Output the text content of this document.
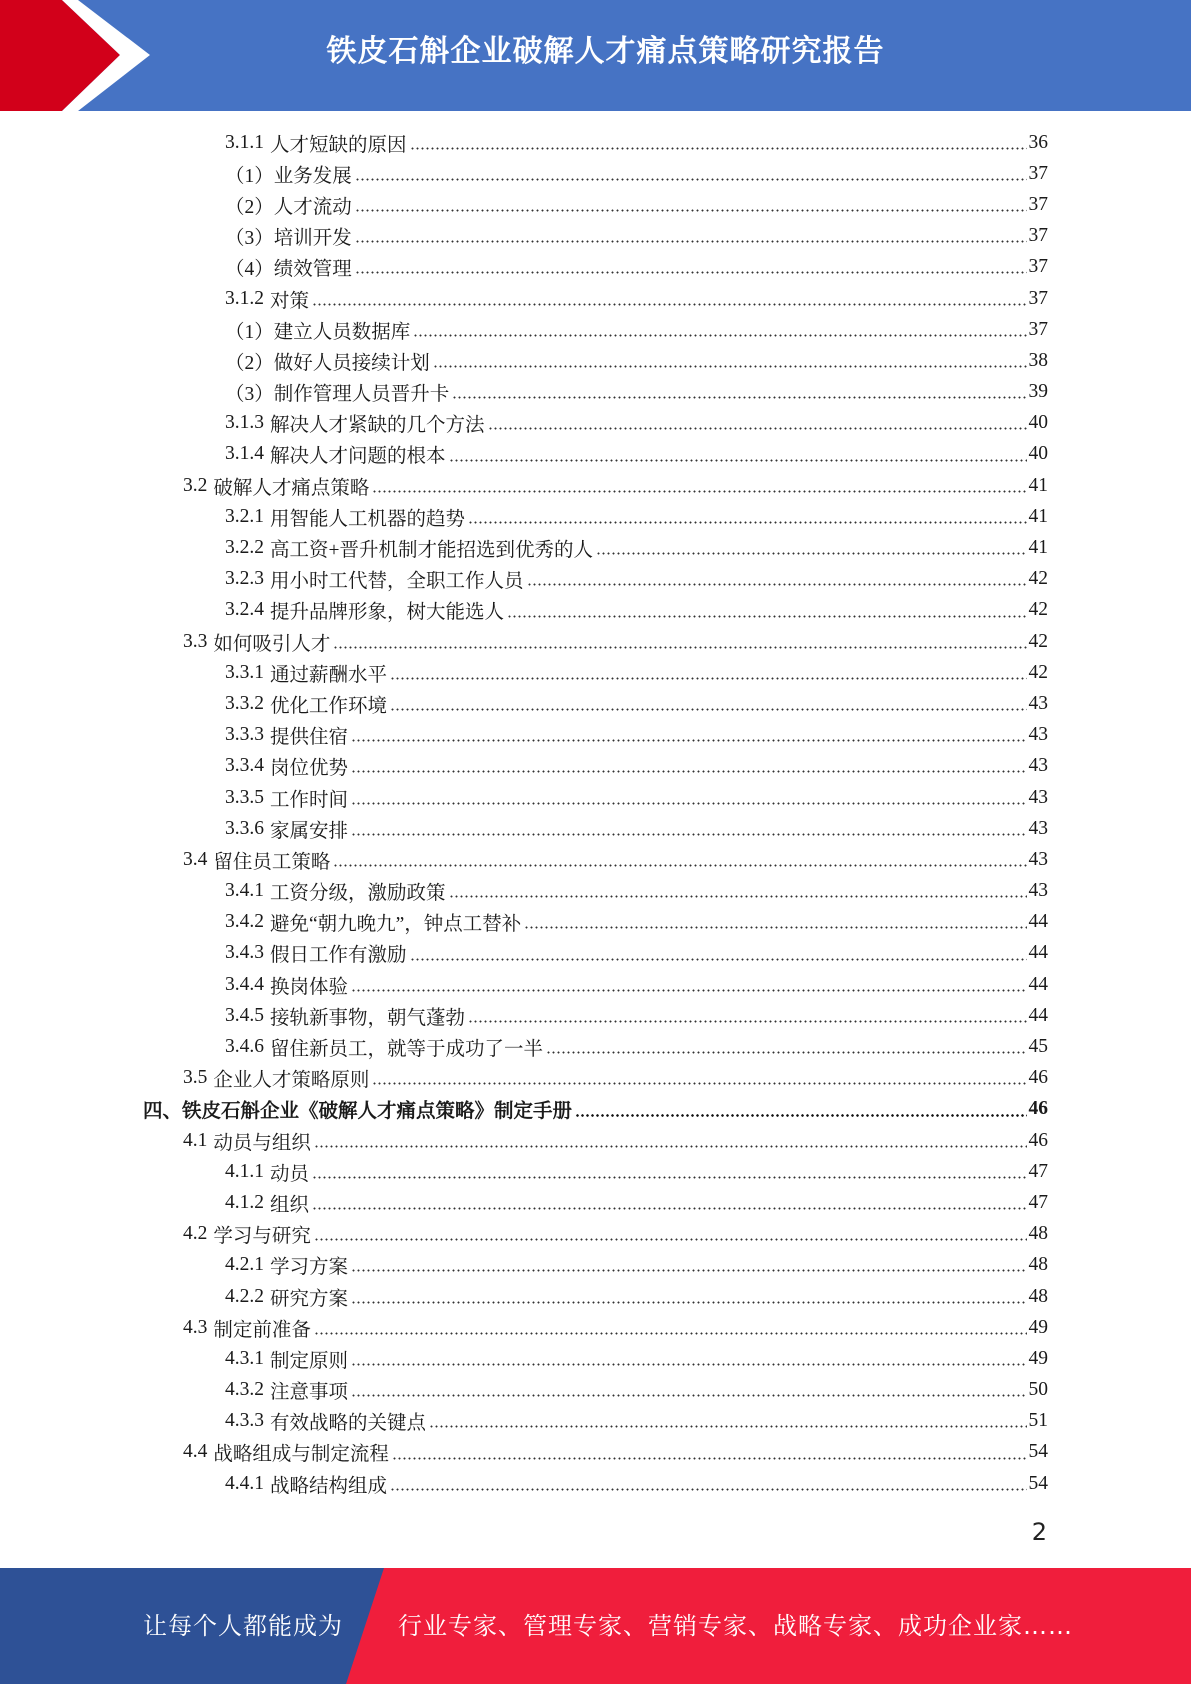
铁皮石斛企业破解人才痛点策略研究报告
3.1.1 人才短缺的原因	36
（1） 业务发展	37
（2） 人才流动	37
（3） 培训开发	37
（4） 绩效管理	37
3.1.2 对策	37
（1） 建立人员数据库	37
（2） 做好人员接续计划	38
（3） 制作管理人员晋升卡	39
3.1.3 解决人才紧缺的几个方法	40
3.1.4 解决人才问题的根本	40
3.2 破解人才痛点策略	41
3.2.1 用智能人工机器的趋势	41
3.2.2 高工资+晋升机制才能招选到优秀的人	41
3.2.3 用小时工代替，全职工作人员	42
3.2.4 提升品牌形象，树大能选人	42
3.3 如何吸引人才	42
3.3.1 通过薪酬水平	42
3.3.2 优化工作环境	43
3.3.3 提供住宿	43
3.3.4 岗位优势	43
3.3.5 工作时间	43
3.3.6 家属安排	43
3.4 留住员工策略	43
3.4.1 工资分级，激励政策	43
3.4.2 避免“朝九晚九”，钟点工替补	44
3.4.3 假日工作有激励	44
3.4.4 换岗体验	44
3.4.5 接轨新事物，朝气蓬勃	44
3.4.6 留住新员工，就等于成功了一半	45
3.5 企业人才策略原则	46
四、铁皮石斛企业《破解人才痛点策略》制定手册	46
4.1 动员与组织	46
4.1.1 动员	47
4.1.2 组织	47
4.2 学习与研究	48
4.2.1 学习方案	48
4.2.2 研究方案	48
4.3 制定前准备	49
4.3.1 制定原则	49
4.3.2 注意事项	50
4.3.3 有效战略的关键点	51
4.4 战略组成与制定流程	54
4.4.1 战略结构组成	54
2
让每个人都能成为 行业专家、管理专家、营销专家、战略专家、成功企业家……
